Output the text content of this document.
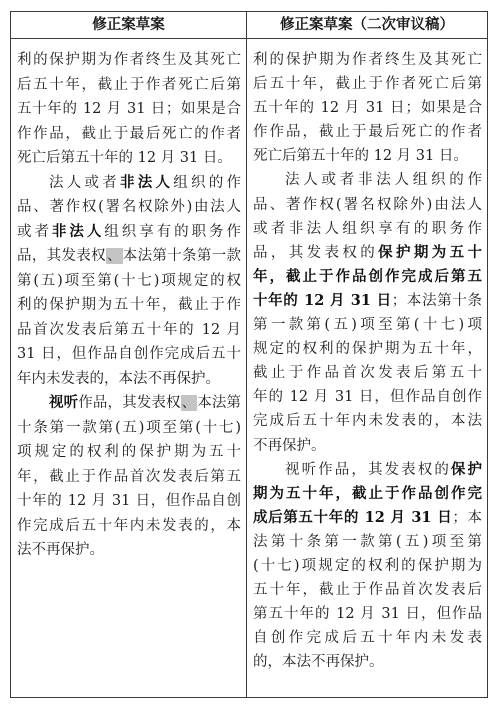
修正案草案	修正案草案（二次审议稿）
利的保护期为作者终生及其死亡
后五十年，截止于作者死亡后第
五十年的 12 月 31 日；如果是合
作作品，截止于最后死亡的作者
死亡后第五十年的 12 月 31 日。
法人或者非法人组织的作
品、著作权(署名权除外)由法人
或者非法人组织享有的职务作
品，其发表权、本法第十条第一款
第(五)项至第(十七)项规定的权
利的保护期为五十年，截止于作
品首次发表后第五十年的 12 月
31 日，但作品自创作完成后五十
年内未发表的，本法不再保护。
视听作品，其发表权、本法第
十条第一款第(五)项至第(十七)
项规定的权利的保护期为五十
年，截止于作品首次发表后第五
十年的 12 月 31 日，但作品自创
作完成后五十年内未发表的，本
法不再保护。
利的保护期为作者终生及其死亡
后五十年，截止于作者死亡后第
五十年的 12 月 31 日；如果是合
作作品，截止于最后死亡的作者
死亡后第五十年的 12 月 31 日。
法人或者非法人组织的作
品、著作权(署名权除外)由法人
或者非法人组织享有的职务作
品，其发表权的保护期为五十
年，截止于作品创作完成后第五
十年的 12 月 31 日；本法第十条
第一款第(五)项至第(十七)项
规定的权利的保护期为五十年，
截止于作品首次发表后第五十
年的 12 月 31 日，但作品自创作
完成后五十年内未发表的，本法
不再保护。
视听作品，其发表权的保护
期为五十年，截止于作品创作完
成后第五十年的 12 月 31 日；本
法第十条第一款第(五)项至第
(十七)项规定的权利的保护期为
五十年，截止于作品首次发表后
第五十年的 12 月 31 日，但作品
自创作完成后五十年内未发表
的，本法不再保护。
